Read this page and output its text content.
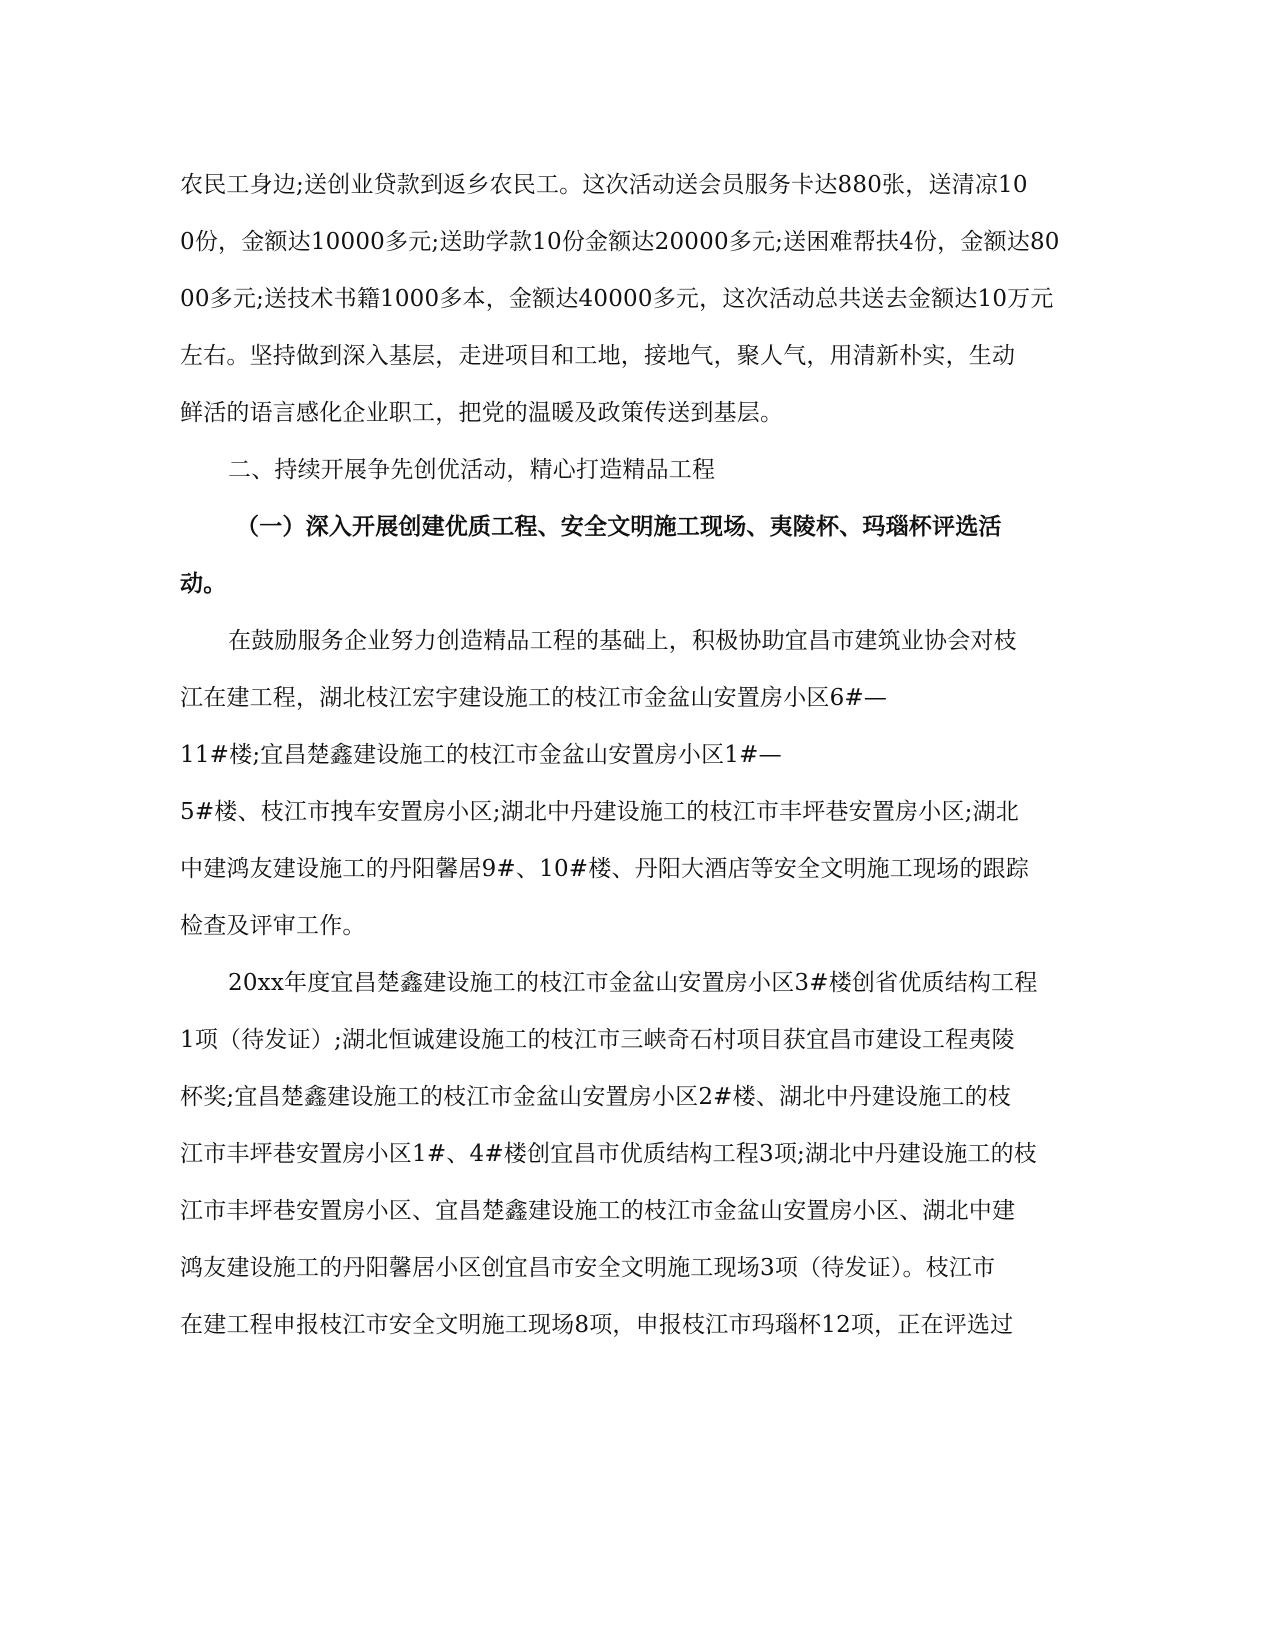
农民工身边;送创业贷款到返乡农民工。这次活动送会员服务卡达880张，送清凉10
0份，金额达10000多元;送助学款10份金额达20000多元;送困难帮扶4份，金额达80
00多元;送技术书籍1000多本，金额达40000多元，这次活动总共送去金额达10万元
左右。坚持做到深入基层，走进项目和工地，接地气，聚人气，用清新朴实，生动
鲜活的语言感化企业职工，把党的温暖及政策传送到基层。
二、持续开展争先创优活动，精心打造精品工程
（一）深入开展创建优质工程、安全文明施工现场、夷陵杯、玛瑙杯评选活
动。
在鼓励服务企业努力创造精品工程的基础上，积极协助宜昌市建筑业协会对枝
江在建工程，湖北枝江宏宇建设施工的枝江市金盆山安置房小区6#—
11#楼;宜昌楚鑫建设施工的枝江市金盆山安置房小区1#—
5#楼、枝江市拽车安置房小区;湖北中丹建设施工的枝江市丰坪巷安置房小区;湖北
中建鸿友建设施工的丹阳馨居9#、10#楼、丹阳大酒店等安全文明施工现场的跟踪
检查及评审工作。
20xx年度宜昌楚鑫建设施工的枝江市金盆山安置房小区3#楼创省优质结构工程
1项（待发证）;湖北恒诚建设施工的枝江市三峡奇石村项目获宜昌市建设工程夷陵
杯奖;宜昌楚鑫建设施工的枝江市金盆山安置房小区2#楼、湖北中丹建设施工的枝
江市丰坪巷安置房小区1#、4#楼创宜昌市优质结构工程3项;湖北中丹建设施工的枝
江市丰坪巷安置房小区、宜昌楚鑫建设施工的枝江市金盆山安置房小区、湖北中建
鸿友建设施工的丹阳馨居小区创宜昌市安全文明施工现场3项（待发证）。枝江市
在建工程申报枝江市安全文明施工现场8项，申报枝江市玛瑙杯12项，正在评选过
